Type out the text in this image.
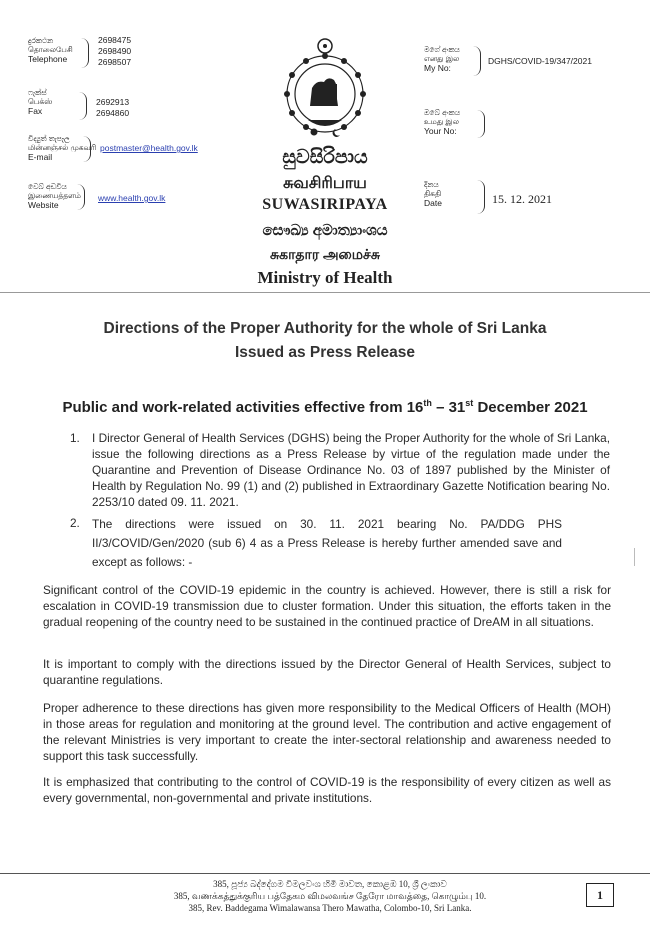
දුරකථන
தொலைபேசி
Telephone
2698475
2698490
2698507
ෆැක්ස්
பெக்ஸ்
Fax
2692913
2694860
විද්‍යුත් තැපෑල
மின்னஞ்சல் முகவரி
E-mail
postmaster@health.gov.lk
වෙබ් අඩවිය
இணையத்தளம்
Website
www.health.gov.lk
සුවසිරිපාය
சுவசிரிபாய
SUWASIRIPAYA
සෞඛ්‍ය අමාත්‍යාංශය
சுகாதார அமைச்சு
Ministry of Health
මගේ අංකය
எனது இல
My No:
DGHS/COVID-19/347/2021
ඔබේ අංකය
உமது இல
Your No:
දිනය
திகதி
Date	15. 12. 2021
Directions of the Proper Authority for the whole of Sri Lanka
Issued as Press Release
Public and work-related activities effective from 16th – 31st December 2021
1. I Director General of Health Services (DGHS) being the Proper Authority for the whole of Sri Lanka, issue the following directions as a Press Release by virtue of the regulation made under the Quarantine and Prevention of Disease Ordinance No. 03 of 1897 published by the Minister of Health by Regulation No. 99 (1) and (2) published in Extraordinary Gazette Notification bearing No. 2253/10 dated 09. 11. 2021.
2. The directions were issued on 30. 11. 2021 bearing No. PA/DDG PHS II/3/COVID/Gen/2020 (sub 6) 4 as a Press Release is hereby further amended save and except as follows: -
Significant control of the COVID-19 epidemic in the country is achieved. However, there is still a risk for escalation in COVID-19 transmission due to cluster formation. Under this situation, the efforts taken in the gradual reopening of the country need to be sustained in the continued practice of DreAM in all situations.
It is important to comply with the directions issued by the Director General of Health Services, subject to quarantine regulations.
Proper adherence to these directions has given more responsibility to the Medical Officers of Health (MOH) in those areas for regulation and monitoring at the ground level. The contribution and active engagement of the relevant Ministries is very important to create the inter-sectoral relationship and awareness needed to support this task successfully.
It is emphasized that contributing to the control of COVID-19 is the responsibility of every citizen as well as every governmental, non-governmental and private institutions.
385, පූජ්‍ය බද්දේගම විමලවංශ හිමි මාවත, කොළඹ 10, ශ්‍රී ලංකාව
385, வணக்கத்துக்குரிய பத்தேகம விமலவங்ச தேரோ மாவத்தை, கொழும்பு 10.
385, Rev. Baddegama Wimalawansa Thero Mawatha, Colombo-10, Sri Lanka.
1
